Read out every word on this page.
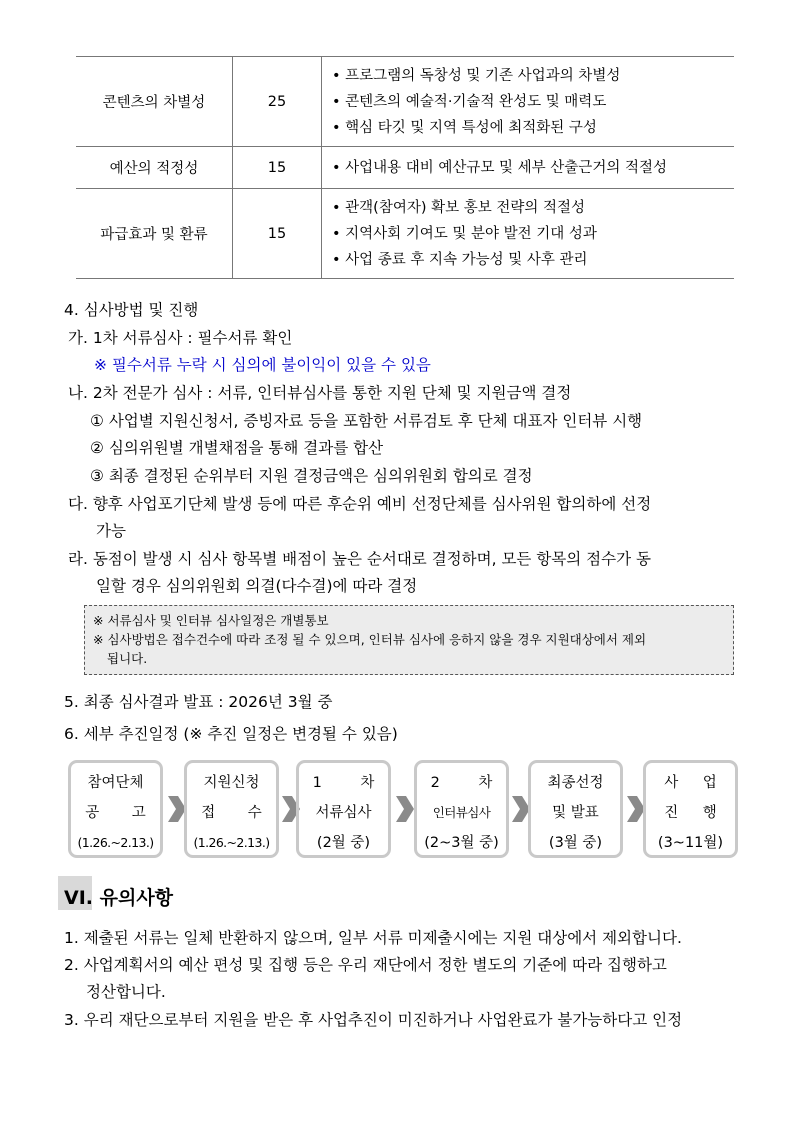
콘텐츠의 차별성	25	• 프로그램의 독창성 및 기존 사업과의 차별성
• 콘텐츠의 예술적·기술적 완성도 및 매력도
• 핵심 타깃 및 지역 특성에 최적화된 구성

예산의 적정성	15	• 사업내용 대비 예산규모 및 세부 산출근거의 적절성

파급효과 및 환류	15	• 관객(참여자) 확보 홍보 전략의 적절성
• 지역사회 기여도 및 분야 발전 기대 성과
• 사업 종료 후 지속 가능성 및 사후 관리
4. 심사방법 및 진행
가. 1차 서류심사 : 필수서류 확인
※ 필수서류 누락 시 심의에 불이익이 있을 수 있음
나. 2차 전문가 심사 : 서류, 인터뷰심사를 통한 지원 단체 및 지원금액 결정
① 사업별 지원신청서, 증빙자료 등을 포함한 서류검토 후 단체 대표자 인터뷰 시행
② 심의위원별 개별채점을 통해 결과를 합산
③ 최종 결정된 순위부터 지원 결정금액은 심의위원회 합의로 결정
다. 향후 사업포기단체 발생 등에 따른 후순위 예비 선정단체를 심사위원 합의하에 선정
가능
라. 동점이 발생 시 심사 항목별 배점이 높은 순서대로 결정하며, 모든 항목의 점수가 동
일할 경우 심의위원회 의결(다수결)에 따라 결정
※ 서류심사 및 인터뷰 심사일정은 개별통보
※ 심사방법은 접수건수에 따라 조정 될 수 있으며, 인터뷰 심사에 응하지 않을 경우 지원대상에서 제외
됩니다.
5. 최종 심사결과 발표 : 2026년 3월 중
6. 세부 추진일정 (※ 추진 일정은 변경될 수 있음)
참여단체
공 고
(1.26.~2.13.)
지원신청
접 수
(1.26.~2.13.)
1 차
서류심사
(2월 중)
2 차
인터뷰심사
(2~3월 중)
최종선정
및 발표
(3월 중)
사 업
진 행
(3~11월)
VI. 유의사항
1. 제출된 서류는 일체 반환하지 않으며, 일부 서류 미제출시에는 지원 대상에서 제외합니다.
2. 사업계획서의 예산 편성 및 집행 등은 우리 재단에서 정한 별도의 기준에 따라 집행하고
정산합니다.
3. 우리 재단으로부터 지원을 받은 후 사업추진이 미진하거나 사업완료가 불가능하다고 인정
